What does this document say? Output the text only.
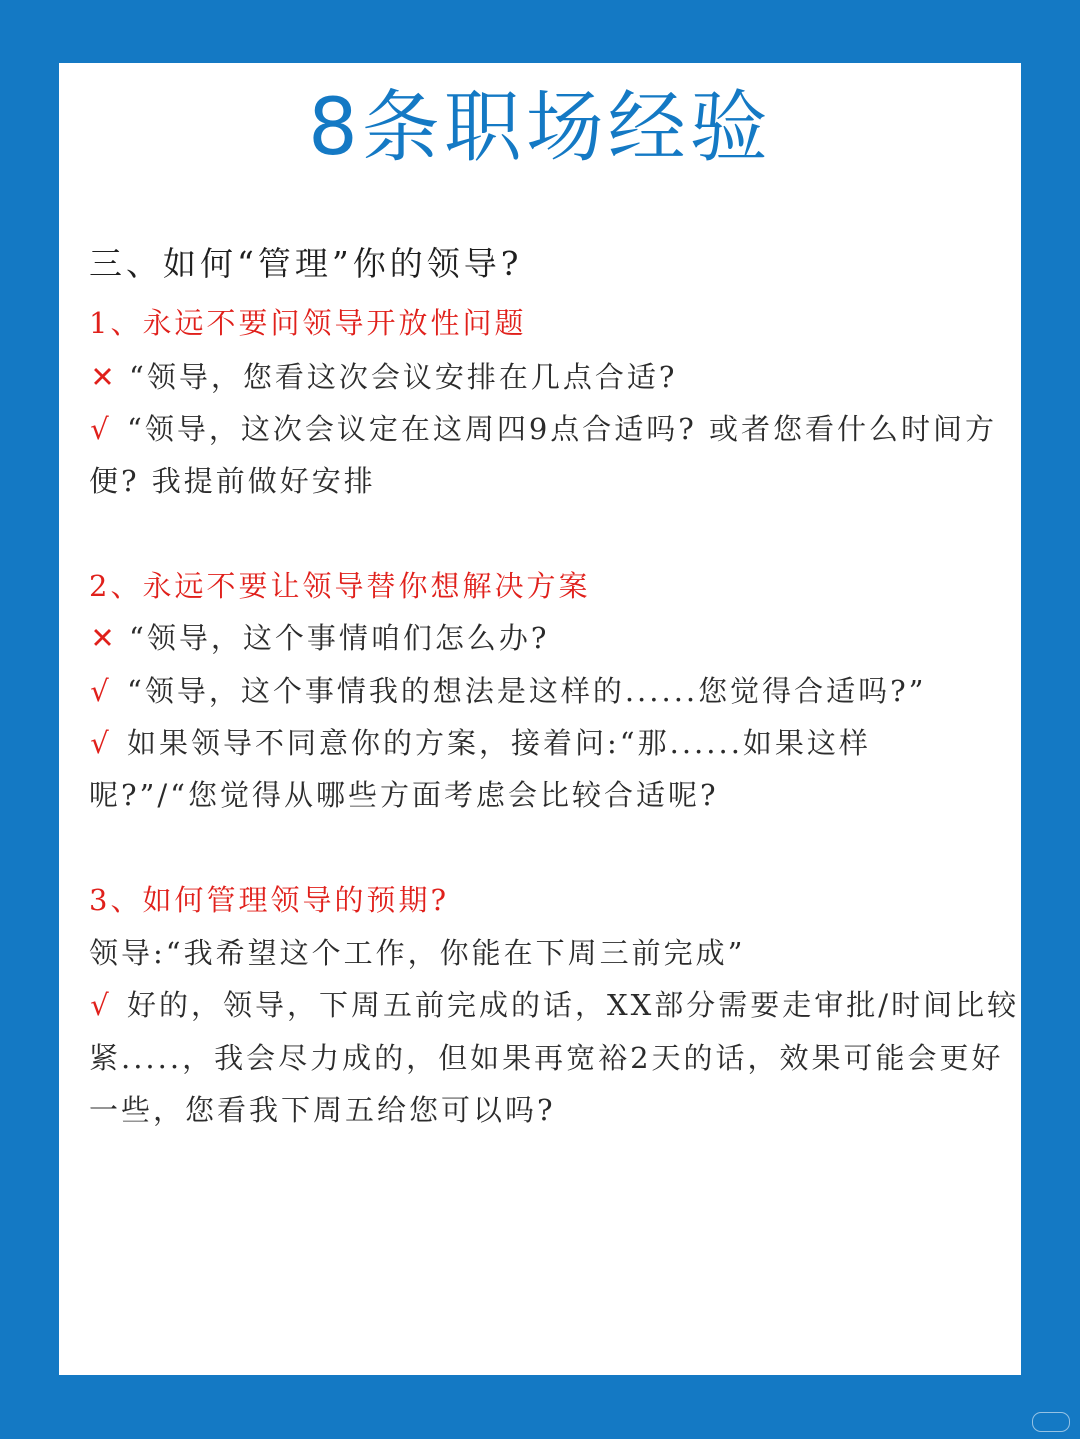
8条职场经验
三、如何“管理”你的领导?
1、永远不要问领导开放性问题
✕ “领导，您看这次会议安排在几点合适?
√ “领导，这次会议定在这周四9点合适吗? 或者您看什么时间方
便? 我提前做好安排
2、永远不要让领导替你想解决方案
✕ “领导，这个事情咱们怎么办?
√ “领导，这个事情我的想法是这样的......您觉得合适吗?”
√ 如果领导不同意你的方案，接着问:“那......如果这样
呢?”/“您觉得从哪些方面考虑会比较合适呢?
3、如何管理领导的预期?
领导:“我希望这个工作，你能在下周三前完成”
√ 好的，领导，下周五前完成的话，XX部分需要走审批/时间比较
紧.....，我会尽力成的，但如果再宽裕2天的话，效果可能会更好
一些，您看我下周五给您可以吗?
